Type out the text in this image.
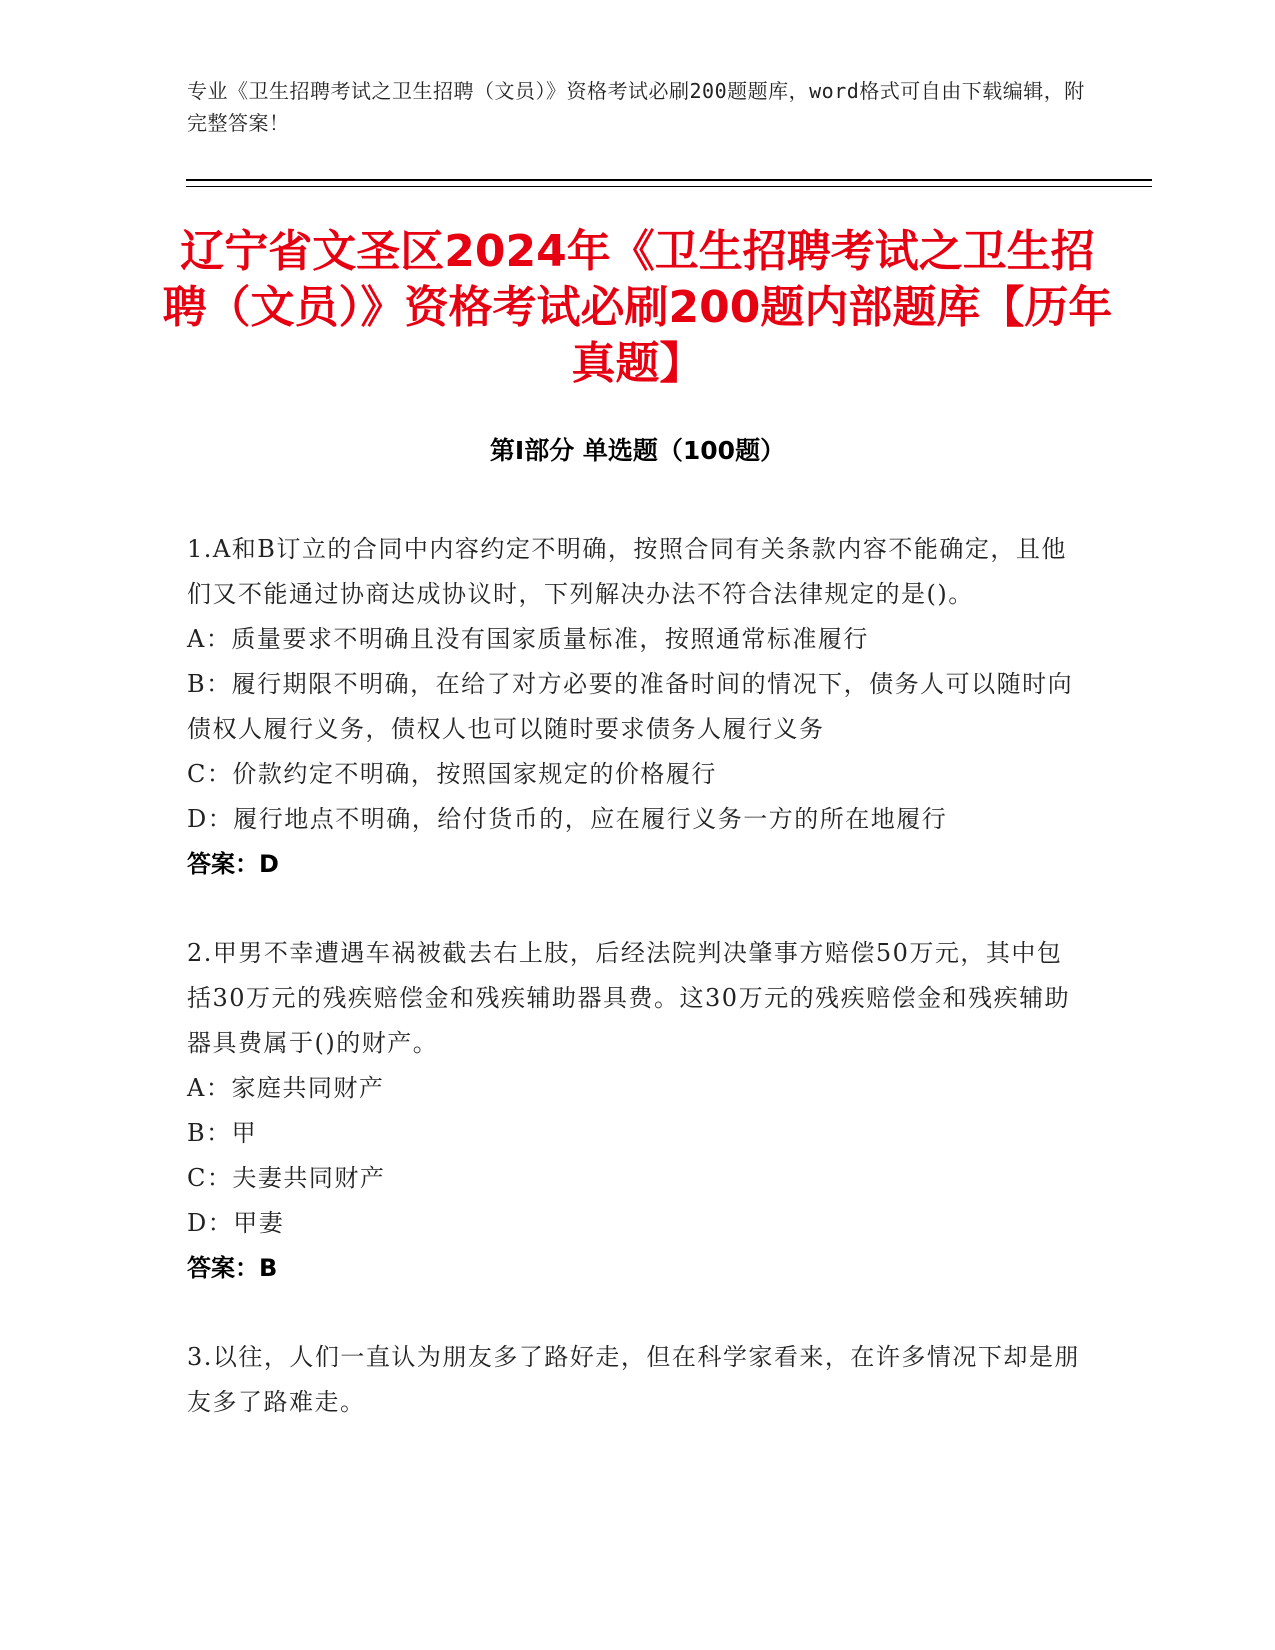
专业《卫生招聘考试之卫生招聘（文员）》资格考试必刷200题题库，word格式可自由下载编辑，附完整答案！
辽宁省文圣区2024年《卫生招聘考试之卫生招聘（文员）》资格考试必刷200题内部题库【历年真题】
第I部分 单选题（100题）
1.A和B订立的合同中内容约定不明确，按照合同有关条款内容不能确定，且他们又不能通过协商达成协议时，下列解决办法不符合法律规定的是()。
A：质量要求不明确且没有国家质量标准，按照通常标准履行
B：履行期限不明确，在给了对方必要的准备时间的情况下，债务人可以随时向债权人履行义务，债权人也可以随时要求债务人履行义务
C：价款约定不明确，按照国家规定的价格履行
D：履行地点不明确，给付货币的，应在履行义务一方的所在地履行
答案：D
2.甲男不幸遭遇车祸被截去右上肢，后经法院判决肇事方赔偿50万元，其中包括30万元的残疾赔偿金和残疾辅助器具费。这30万元的残疾赔偿金和残疾辅助器具费属于()的财产。
A：家庭共同财产
B：甲
C：夫妻共同财产
D：甲妻
答案：B
3.以往，人们一直认为朋友多了路好走，但在科学家看来，在许多情况下却是朋友多了路难走。
